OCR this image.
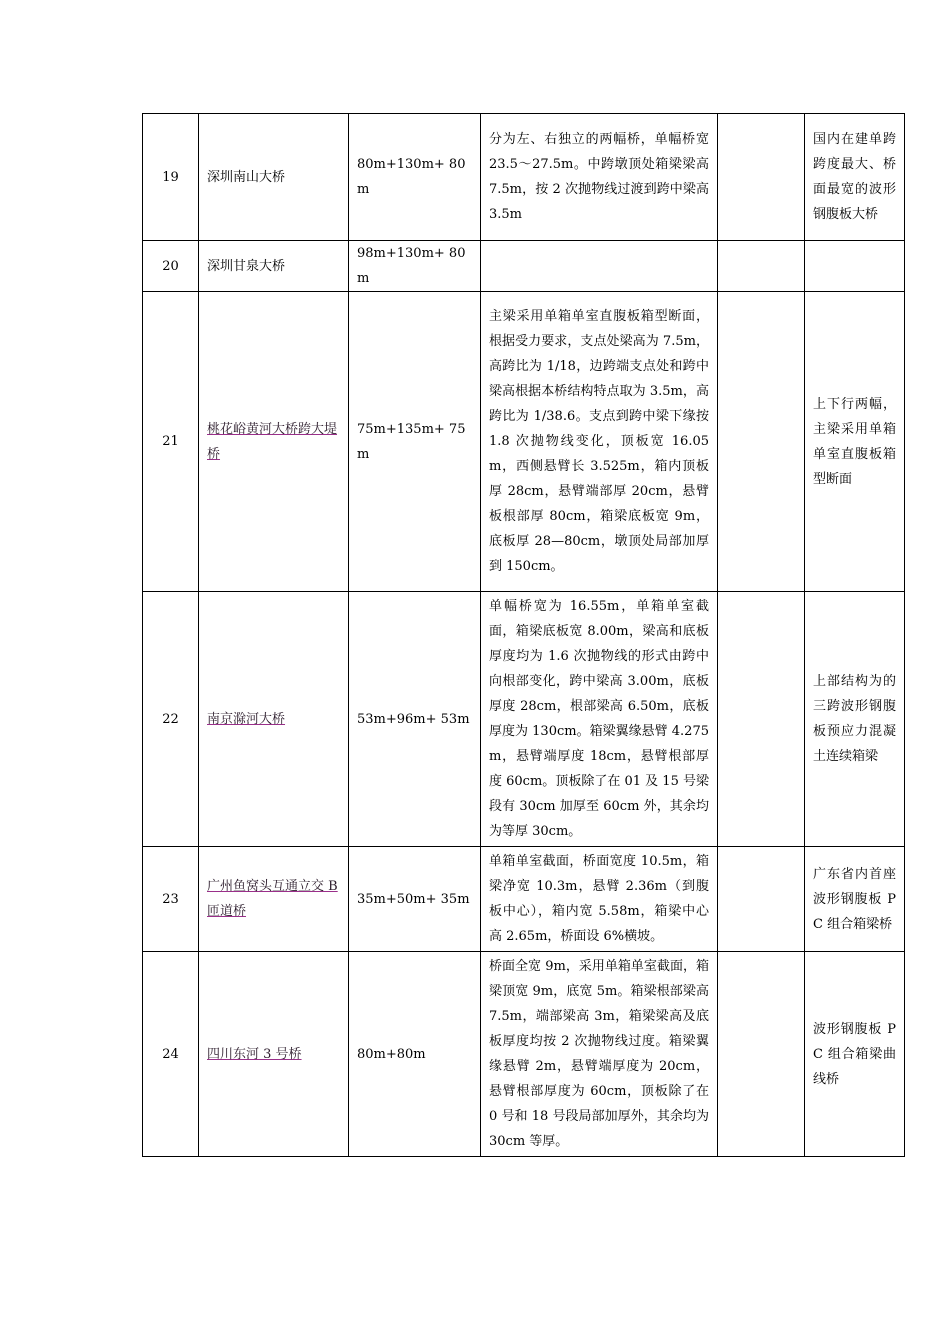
19	深圳南山大桥	80m+130m+ 80m	分为左、右独立的两幅桥，单幅桥宽 23.5～27.5m。中跨墩顶处箱梁梁高 7.5m，按 2 次抛物线过渡到跨中梁高 3.5m		国内在建单跨跨度最大、桥面最宽的波形钢腹板大桥
20	深圳甘泉大桥	98m+130m+ 80m			
21	桃花峪黄河大桥跨大堤桥	75m+135m+ 75m	主梁采用单箱单室直腹板箱型断面，根据受力要求，支点处梁高为 7.5m，高跨比为 1/18，边跨端支点处和跨中梁高根据本桥结构特点取为 3.5m，高跨比为 1/38.6。支点到跨中梁下缘按 1.8 次抛物线变化，顶板宽 16.05m，西侧悬臂长 3.525m，箱内顶板厚 28cm，悬臂端部厚 20cm，悬臂板根部厚 80cm，箱梁底板宽 9m，底板厚 28—80cm，墩顶处局部加厚到 150cm。		上下行两幅，主梁采用单箱单室直腹板箱型断面
22	南京滁河大桥	53m+96m+ 53m	单幅桥宽为 16.55m，单箱单室截面，箱梁底板宽 8.00m，梁高和底板厚度均为 1.6 次抛物线的形式由跨中向根部变化，跨中梁高 3.00m，底板厚度 28cm，根部梁高 6.50m，底板厚度为 130cm。箱梁翼缘悬臂 4.275m，悬臂端厚度 18cm，悬臂根部厚度 60cm。顶板除了在 01 及 15 号梁段有 30cm 加厚至 60cm 外，其余均为等厚 30cm。		上部结构为的三跨波形钢腹板预应力混凝土连续箱梁
23	广州鱼窝头互通立交 B 匝道桥	35m+50m+ 35m	单箱单室截面，桥面宽度 10.5m，箱梁净宽 10.3m，悬臂 2.36m（到腹板中心），箱内宽 5.58m，箱梁中心高 2.65m，桥面设 6%横坡。		广东省内首座波形钢腹板 PC 组合箱梁桥
24	四川东河 3 号桥	80m+80m	桥面全宽 9m，采用单箱单室截面，箱梁顶宽 9m，底宽 5m。箱梁根部梁高 7.5m，端部梁高 3m，箱梁梁高及底板厚度均按 2 次抛物线过度。箱梁翼缘悬臂 2m，悬臂端厚度为 20cm，悬臂根部厚度为 60cm，顶板除了在 0 号和 18 号段局部加厚外，其余均为 30cm 等厚。		波形钢腹板 PC 组合箱梁曲线桥
